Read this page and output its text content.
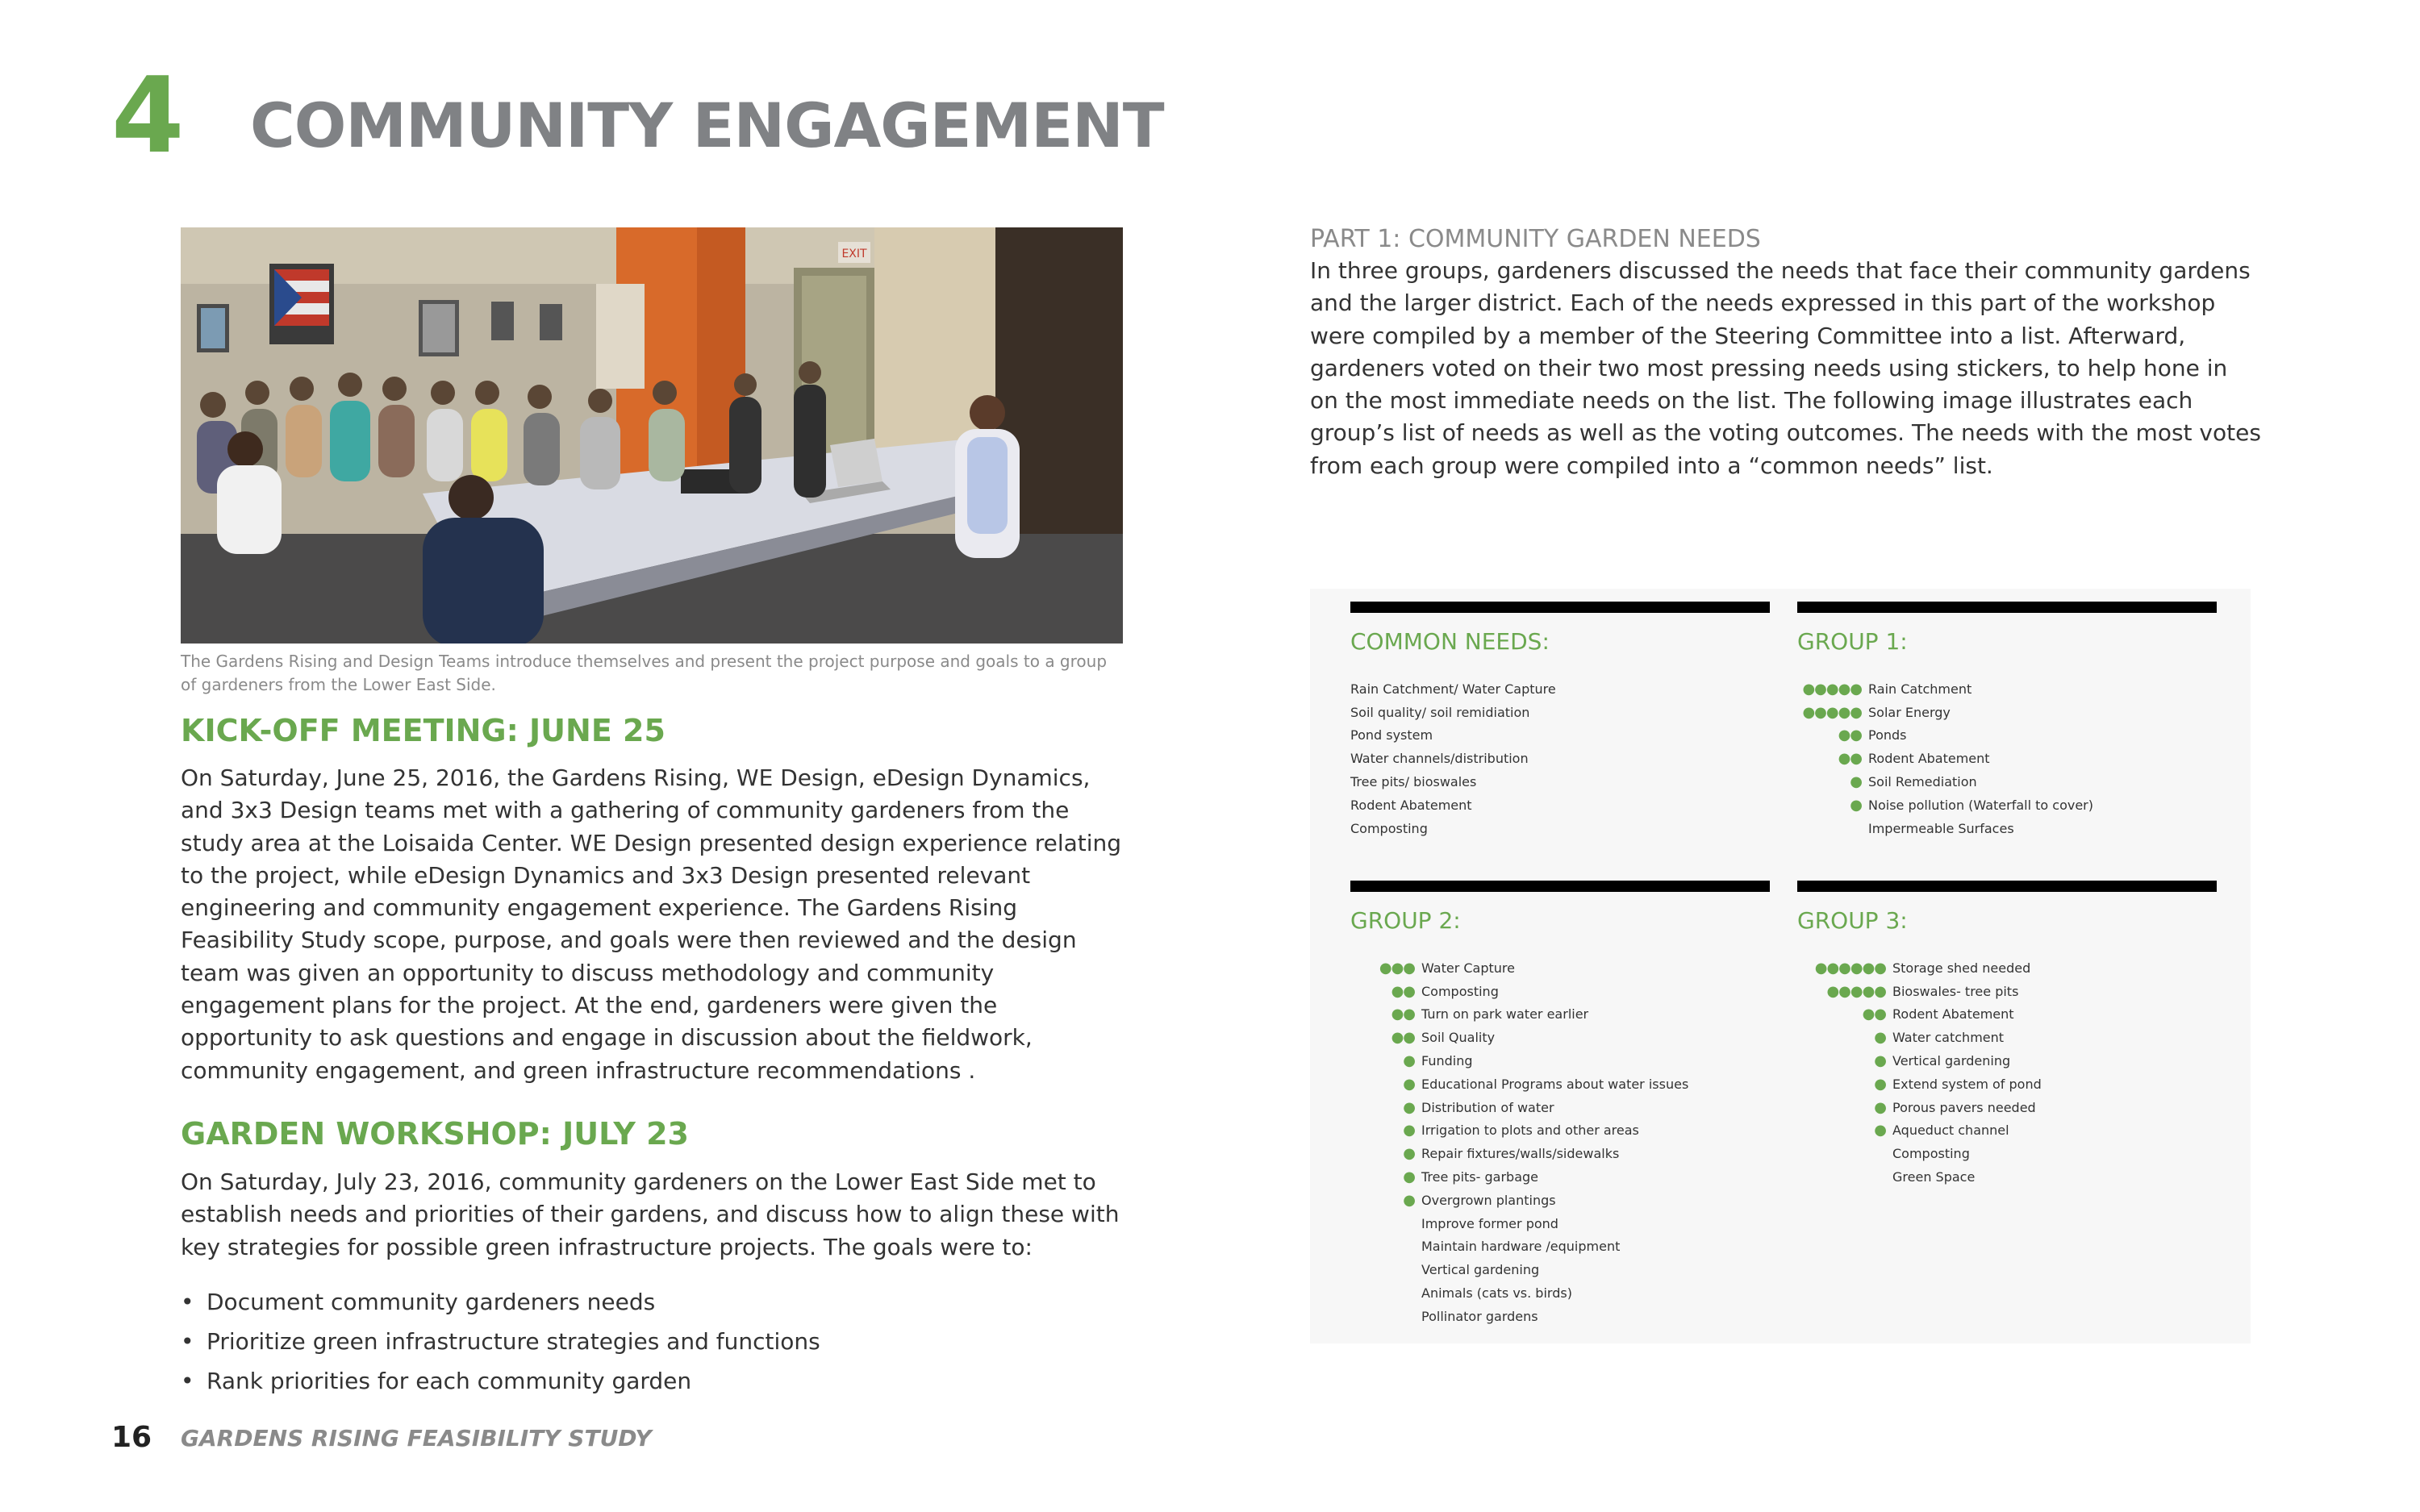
4 COMMUNITY ENGAGEMENT
EXIT
The Gardens Rising and Design Teams introduce themselves and present the project purpose and goals to a group of gardeners from the Lower East Side.
KICK-OFF MEETING: JUNE 25
On Saturday, June 25, 2016, the Gardens Rising, WE Design, eDesign Dynamics, and 3x3 Design teams met with a gathering of community gardeners from the study area at the Loisaida Center. WE Design presented design experience relating to the project, while eDesign Dynamics and 3x3 Design presented relevant engineering and community engagement experience. The Gardens Rising Feasibility Study scope, purpose, and goals were then reviewed and the design team was given an opportunity to discuss methodology and community engagement plans for the project. At the end, gardeners were given the opportunity to ask questions and engage in discussion about the fieldwork, community engagement, and green infrastructure recommendations .
GARDEN WORKSHOP: JULY 23
On Saturday, July 23, 2016, community gardeners on the Lower East Side met to establish needs and priorities of their gardens, and discuss how to align these with key strategies for possible green infrastructure projects. The goals were to:
• Document community gardeners needs
• Prioritize green infrastructure strategies and functions
• Rank priorities for each community garden
16 GARDENS RISING FEASIBILITY STUDY
PART 1: COMMUNITY GARDEN NEEDS
In three groups, gardeners discussed the needs that face their community gardens and the larger district. Each of the needs expressed in this part of the workshop were compiled by a member of the Steering Committee into a list. Afterward, gardeners voted on their two most pressing needs using stickers, to help hone in on the most immediate needs on the list. The following image illustrates each group’s list of needs as well as the voting outcomes. The needs with the most votes from each group were compiled into a “common needs” list.
COMMON NEEDS:
Rain Catchment/ Water Capture
Soil quality/ soil remidiation
Pond system
Water channels/distribution
Tree pits/ bioswales
Rodent Abatement
Composting
GROUP 1:
●●●●● Rain Catchment
●●●●● Solar Energy
●● Ponds
●● Rodent Abatement
● Soil Remediation
● Noise pollution (Waterfall to cover)
Impermeable Surfaces
GROUP 2:
●●● Water Capture
●● Composting
●● Turn on park water earlier
●● Soil Quality
● Funding
● Educational Programs about water issues
● Distribution of water
● Irrigation to plots and other areas
● Repair fixtures/walls/sidewalks
● Tree pits- garbage
● Overgrown plantings
Improve former pond
Maintain hardware /equipment
Vertical gardening
Animals (cats vs. birds)
Pollinator gardens
GROUP 3:
●●●●●● Storage shed needed
●●●●● Bioswales- tree pits
●● Rodent Abatement
● Water catchment
● Vertical gardening
● Extend system of pond
● Porous pavers needed
● Aqueduct channel
Composting
Green Space
